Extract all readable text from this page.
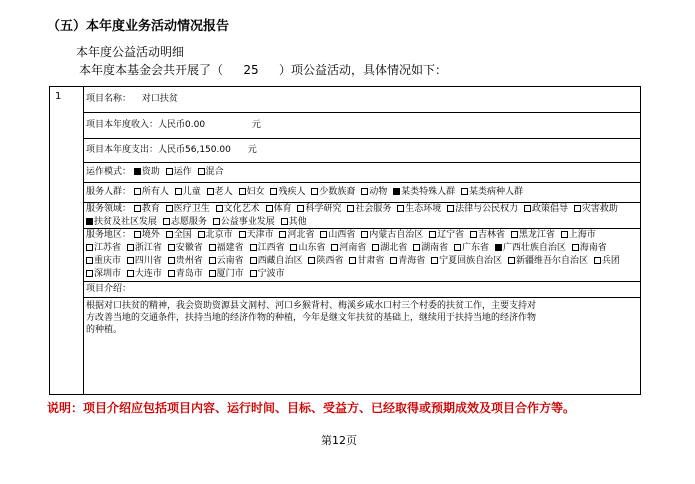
（五）本年度业务活动情况报告
本年度公益活动明细
本年度本基金会共开展了（ 25 ）项公益活动，具体情况如下：
1	项目名称： 对口扶贫
项目本年度收入：人民币0.00	元
项目本年度支出：人民币56,150.00 元
运作模式： 资助 运作 混合
服务人群： 所有人 儿童 老人 妇女 残疾人 少数族裔 动物 某类特殊人群 某类病种人群
服务领域： 教育 医疗卫生 文化艺术 体育 科学研究 社会服务 生态环境 法律与公民权力 政策倡导 灾害救助 扶贫及社区发展 志愿服务 公益事业发展 其他
服务地区： 境外 全国 北京市 天津市 河北省 山西省 内蒙古自治区 辽宁省 吉林省 黑龙江省 上海市 江苏省 浙江省 安徽省 福建省 江西省 山东省 河南省 湖北省 湖南省 广东省 广西壮族自治区 海南省 重庆市 四川省 贵州省 云南省 西藏自治区 陕西省 甘肃省 青海省 宁夏回族自治区 新疆维吾尔自治区 兵团 深圳市 大连市 青岛市 厦门市 宁波市
项目介绍：
根据对口扶贫的精神，我会资助资源县文洞村、河口乡猴背村、梅溪乡咸水口村三个村委的扶贫工作，主要支持对
方改善当地的交通条件，扶持当地的经济作物的种植，今年是继文年扶贫的基础上，继续用于扶持当地的经济作物
的种植。
说明：项目介绍应包括项目内容、运行时间、目标、受益方、已经取得或预期成效及项目合作方等。
第12页
